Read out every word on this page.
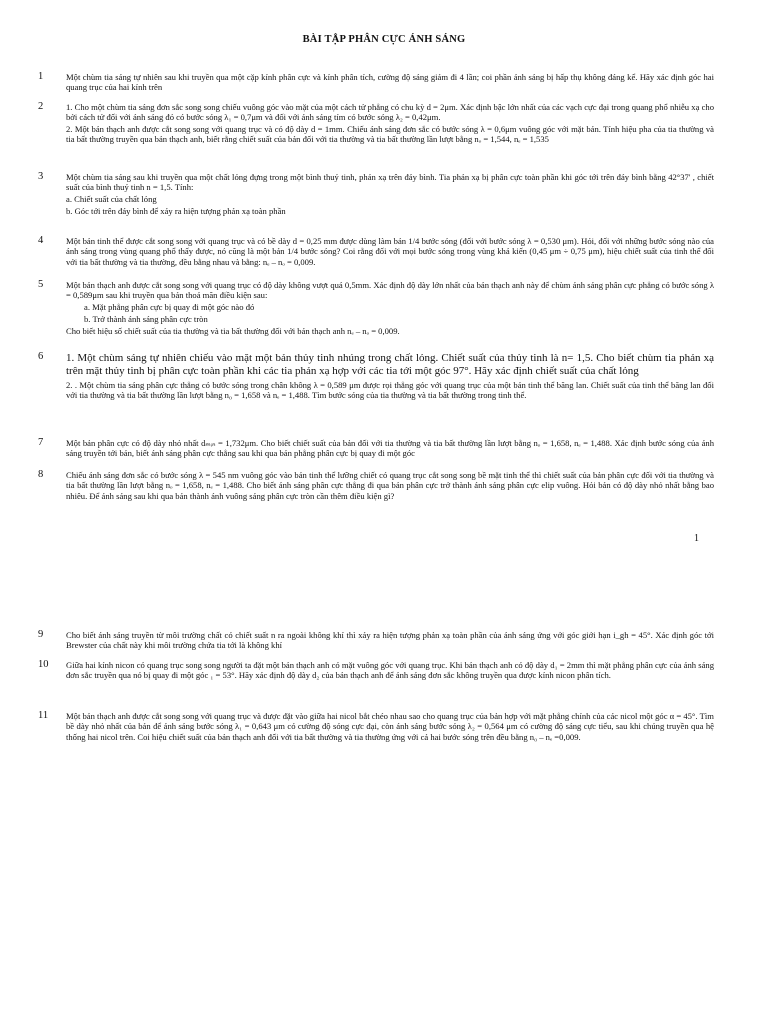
BÀI TẬP PHÂN CỰC ÁNH SÁNG
1	Một chùm tia sáng tự nhiên sau khi truyền qua một cặp kính phân cực và kính phân tích, cường độ sáng giảm đi 4 lần; coi phần ánh sáng bị hấp thụ không đáng kể. Hãy xác định góc hai quang trục của hai kính trên

2	1. Cho một chùm tia sáng đơn sắc song song chiếu vuông góc vào mặt của một cách tử phẳng có chu kỳ d = 2μm. Xác định bậc lớn nhất của các vạch cực đại trong quang phổ nhiễu xạ cho bởi cách tử đối với ánh sáng đỏ có bước sóng λ₁ = 0,7μm và đối với ánh sáng tím có bước sóng λ₂ = 0,42μm.

2. Một bản thạch anh được cắt song song với quang trục và có độ dày d = 1mm. Chiếu ánh sáng đơn sắc có bước sóng λ = 0,6μm vuông góc với mặt bản. Tính hiệu pha của tia thường và tia bất thường truyền qua bản thạch anh, biết rằng chiết suất của bản đối với tia thường và tia bất thường lần lượt bằng nₒ = 1,544, nₑ = 1,535

3	Một chùm tia sáng sau khi truyền qua một chất lỏng đựng trong một bình thuỷ tinh, phản xạ trên đáy bình. Tia phản xạ bị phân cực toàn phần khi góc tới trên đáy bình bằng 42°37' , chiết suất của bình thuỷ tinh n = 1,5. Tính:

a. Chiết suất của chất lỏng

b. Góc tới trên đáy bình để xảy ra hiện tượng phản xạ toàn phần

4	Một bản tinh thể được cắt song song với quang trục và có bề dày d = 0,25 mm được dùng làm bản 1/4 bước sóng (đối với bước sóng λ = 0,530 μm). Hỏi, đối với những bước sóng nào của ánh sáng trong vùng quang phổ thấy được, nó cũng là một bản 1/4 bước sóng? Coi rằng đối với mọi bước sóng trong vùng khả kiến (0,45 μm ÷ 0,75 μm), hiệu chiết suất của tinh thể đối với tia bất thường và tia thường, đều bằng nhau và bằng: nₑ – nₒ = 0,009.

5	Một bản thạch anh được cắt song song với quang trục có độ dày không vượt quá 0,5mm. Xác định độ dày lớn nhất của bản thạch anh này để chùm ánh sáng phân cực phẳng có bước sóng λ = 0,589μm sau khi truyền qua bản thoả mãn điều kiện sau:

a. Mặt phẳng phân cực bị quay đi một góc nào đó

b. Trở thành ánh sáng phân cực tròn

Cho biết hiệu số chiết suất của tia thường và tia bất thường đối với bản thạch anh nₑ – nₒ = 0,009.

6	1. Một chùm sáng tự nhiên chiếu vào mặt một bản thủy tinh nhúng trong chất lỏng. Chiết suất của thủy tinh là n= 1,5. Cho biết chùm tia phản xạ trên mặt thủy tinh bị phân cực toàn phần khi các tia phản xạ hợp với các tia tới một góc 97°. Hãy xác định chiết suất của chất lỏng

2. . Một chùm tia sáng phân cực thẳng có bước sóng trong chân không λ = 0,589 μm được rọi thẳng góc với quang trục của một bản tinh thể băng lan. Chiết suất của tinh thể băng lan đối với tia thường và tia bất thường lần lượt bằng n₀ = 1,658 và nₑ = 1,488. Tìm bước sóng của tia thường và tia bất thường trong tinh thể.

7	Một bản phân cực có độ dày nhỏ nhất dₘᵢₙ = 1,732μm. Cho biết chiết suất của bản đối với tia thường và tia bất thường lần lượt bằng nₒ = 1,658, nₑ = 1,488. Xác định bước sóng của ánh sáng truyền tới bản, biết ánh sáng phân cực thẳng sau khi qua bản phẳng phân cực bị quay đi một góc

8	Chiếu ánh sáng đơn sắc có bước sóng λ = 545 nm vuông góc vào bản tinh thể lưỡng chiết có quang trục cắt song song bề mặt tinh thể thì chiết suất của bản phân cực đối với tia thường và tia bất thường lần lượt bằng nₒ = 1,658, nₑ = 1,488. Cho biết ánh sáng phân cực thẳng đi qua bản phân cực trở thành ánh sáng phân cực elip vuông. Hỏi bản có độ dày nhỏ nhất bằng bao nhiêu. Để ánh sáng sau khi qua bản thành ánh vuông sáng phân cực tròn cần thêm điều kiện gì?

1
9	Cho biết ánh sáng truyền từ môi trường chất có chiết suất n ra ngoài không khí thì xảy ra hiện tượng phản xạ toàn phần của ánh sáng ứng với góc giới hạn i_gh = 45°. Xác định góc tới Brewster của chất này khi môi trường chứa tia tới là không khí

10	Giữa hai kính nicon có quang trục song song người ta đặt một bản thạch anh có mặt vuông góc với quang trục. Khi bản thạch anh có độ dày d₁ = 2mm thì mặt phẳng phân cực của ánh sáng đơn sắc truyền qua nó bị quay đi một góc ₁ = 53°. Hãy xác định độ dày d₂ của bản thạch anh để ánh sáng đơn sắc không truyền qua được kính nicon phân tích.

11	Một bản thạch anh được cắt song song với quang trục và được đặt vào giữa hai nicol bắt chéo nhau sao cho quang trục của bản hợp với mặt phẳng chính của các nicol một góc α = 45°. Tìm bề dày nhỏ nhất của bản để ánh sáng bước sóng λ₁ = 0,643 μm có cường độ sóng cực đại, còn ánh sáng bước sóng λ₂ = 0,564 μm có cường độ sáng cực tiểu, sau khi chúng truyền qua hệ thống hai nicol trên. Coi hiệu chiết suất của bản thạch anh đối với tia bất thường và tia thường ứng với cả hai bước sóng trên đều bằng n₀ – nₑ =0,009.
